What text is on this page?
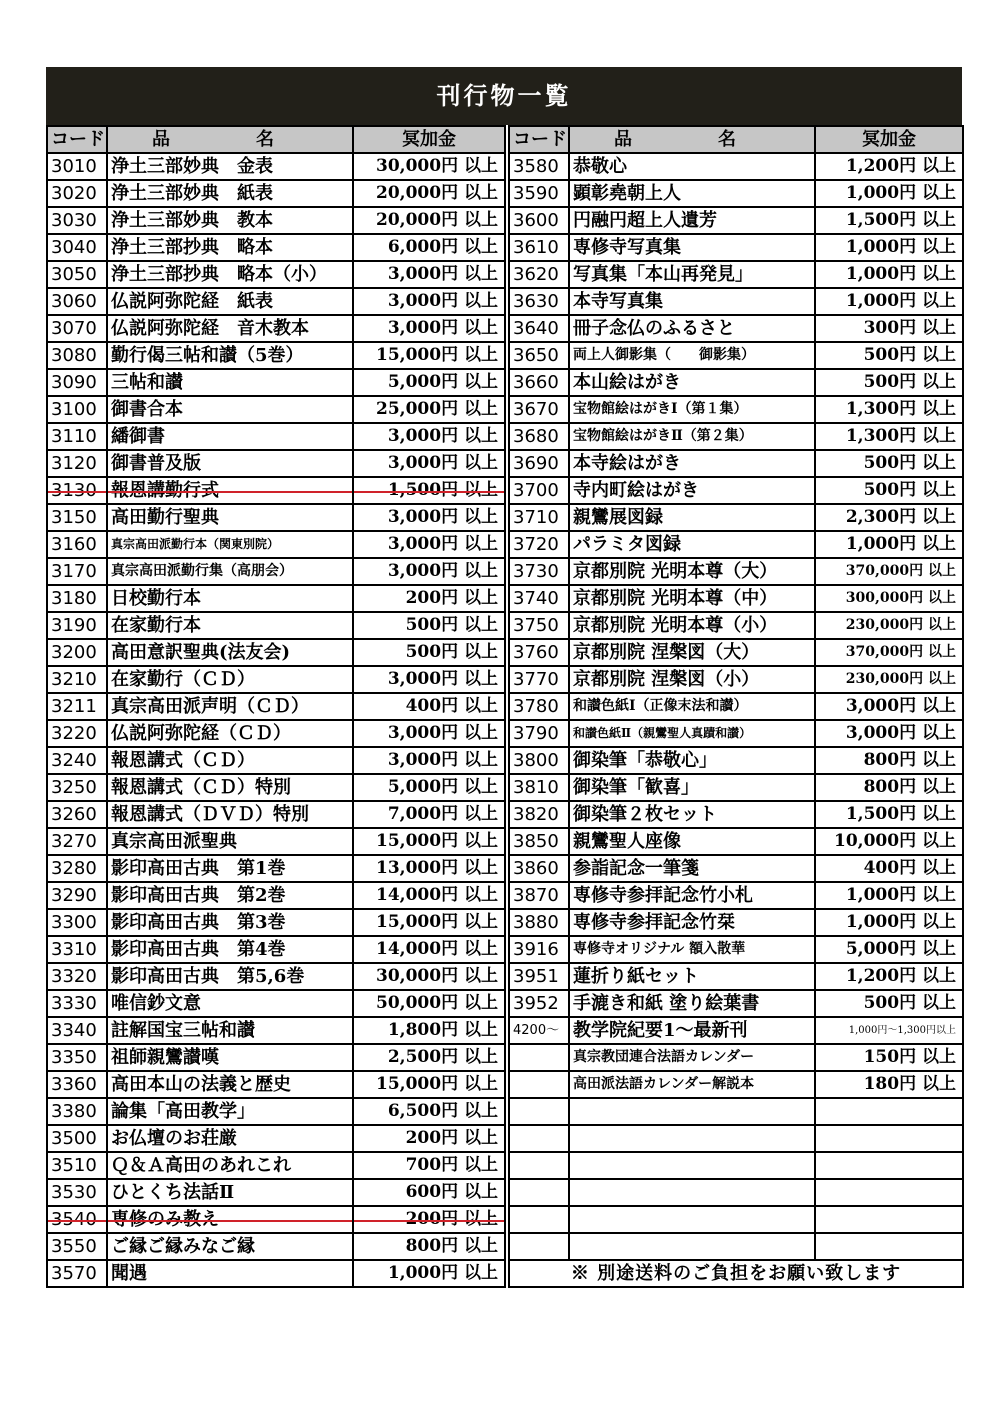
刊行物一覧
コード	品　名	冥加金
3010	浄土三部妙典　金表	30,000円 以上
3020	浄土三部妙典　紙表	20,000円 以上
3030	浄土三部妙典　教本	20,000円 以上
3040	浄土三部抄典　略本	6,000円 以上
3050	浄土三部抄典　略本（小）	3,000円 以上
3060	仏説阿弥陀経　紙表	3,000円 以上
3070	仏説阿弥陀経　音木教本	3,000円 以上
3080	勤行偈三帖和讃（5巻）	15,000円 以上
3090	三帖和讃	5,000円 以上
3100	御書合本	25,000円 以上
3110	繙御書	3,000円 以上
3120	御書普及版	3,000円 以上
3130	報恩講勤行式	1,500円 以上
3150	高田勤行聖典	3,000円 以上
3160	真宗高田派勤行本（関東別院）	3,000円 以上
3170	真宗高田派勤行集（高朋会）	3,000円 以上
3180	日校勤行本	200円 以上
3190	在家勤行本	500円 以上
3200	高田意訳聖典(法友会)	500円 以上
3210	在家勤行（ＣＤ）	3,000円 以上
3211	真宗高田派声明（ＣＤ）	400円 以上
3220	仏説阿弥陀経（ＣＤ）	3,000円 以上
3240	報恩講式（ＣＤ）	3,000円 以上
3250	報恩講式（ＣＤ）特別	5,000円 以上
3260	報恩講式（ＤＶＤ）特別	7,000円 以上
3270	真宗高田派聖典	15,000円 以上
3280	影印高田古典　第1巻	13,000円 以上
3290	影印高田古典　第2巻	14,000円 以上
3300	影印高田古典　第3巻	15,000円 以上
3310	影印高田古典　第4巻	14,000円 以上
3320	影印高田古典　第5,6巻	30,000円 以上
3330	唯信鈔文意	50,000円 以上
3340	註解国宝三帖和讃	1,800円 以上
3350	祖師親鸞讃嘆	2,500円 以上
3360	高田本山の法義と歴史	15,000円 以上
3380	論集「高田教学」	6,500円 以上
3500	お仏壇のお荘厳	200円 以上
3510	Ｑ＆Ａ高田のあれこれ	700円 以上
3530	ひとくち法話Ⅱ	600円 以上
3540	専修のみ教え	200円 以上
3550	ご縁ご縁みなご縁	800円 以上
3570	聞遇	1,000円 以上
コード	品　名	冥加金
3580	恭敬心	1,200円 以上
3590	顕彰堯朝上人	1,000円 以上
3600	円融円超上人遺芳	1,500円 以上
3610	専修寺写真集	1,000円 以上
3620	写真集「本山再発見」	1,000円 以上
3630	本寺写真集	1,000円 以上
3640	冊子念仏のふるさと	300円 以上
3650	両上人御影集（　　御影集）	500円 以上
3660	本山絵はがき	500円 以上
3670	宝物館絵はがきⅠ（第１集）	1,300円 以上
3680	宝物館絵はがきⅡ（第２集）	1,300円 以上
3690	本寺絵はがき	500円 以上
3700	寺内町絵はがき	500円 以上
3710	親鸞展図録	2,300円 以上
3720	パラミタ図録	1,000円 以上
3730	京都別院 光明本尊（大）	370,000円 以上
3740	京都別院 光明本尊（中）	300,000円 以上
3750	京都別院 光明本尊（小）	230,000円 以上
3760	京都別院 涅槃図（大）	370,000円 以上
3770	京都別院 涅槃図（小）	230,000円 以上
3780	和讃色紙Ⅰ（正像末法和讃）	3,000円 以上
3790	和讃色紙Ⅱ（親鸞聖人真蹟和讃）	3,000円 以上
3800	御染筆「恭敬心」	800円 以上
3810	御染筆「歓喜」	800円 以上
3820	御染筆２枚セット	1,500円 以上
3850	親鸞聖人座像	10,000円 以上
3860	参詣記念一筆箋	400円 以上
3870	専修寺参拝記念竹小札	1,000円 以上
3880	専修寺参拝記念竹栞	1,000円 以上
3916	専修寺オリジナル 額入散華	5,000円 以上
3951	蓮折り紙セット	1,200円 以上
3952	手漉き和紙 塗り絵葉書	500円 以上
4200～	教学院紀要1～最新刊	1,000円～1,300円以上
	真宗教団連合法語カレンダー	150円 以上
	高田派法語カレンダー解説本	180円 以上

※ 別途送料のご負担をお願い致します		
